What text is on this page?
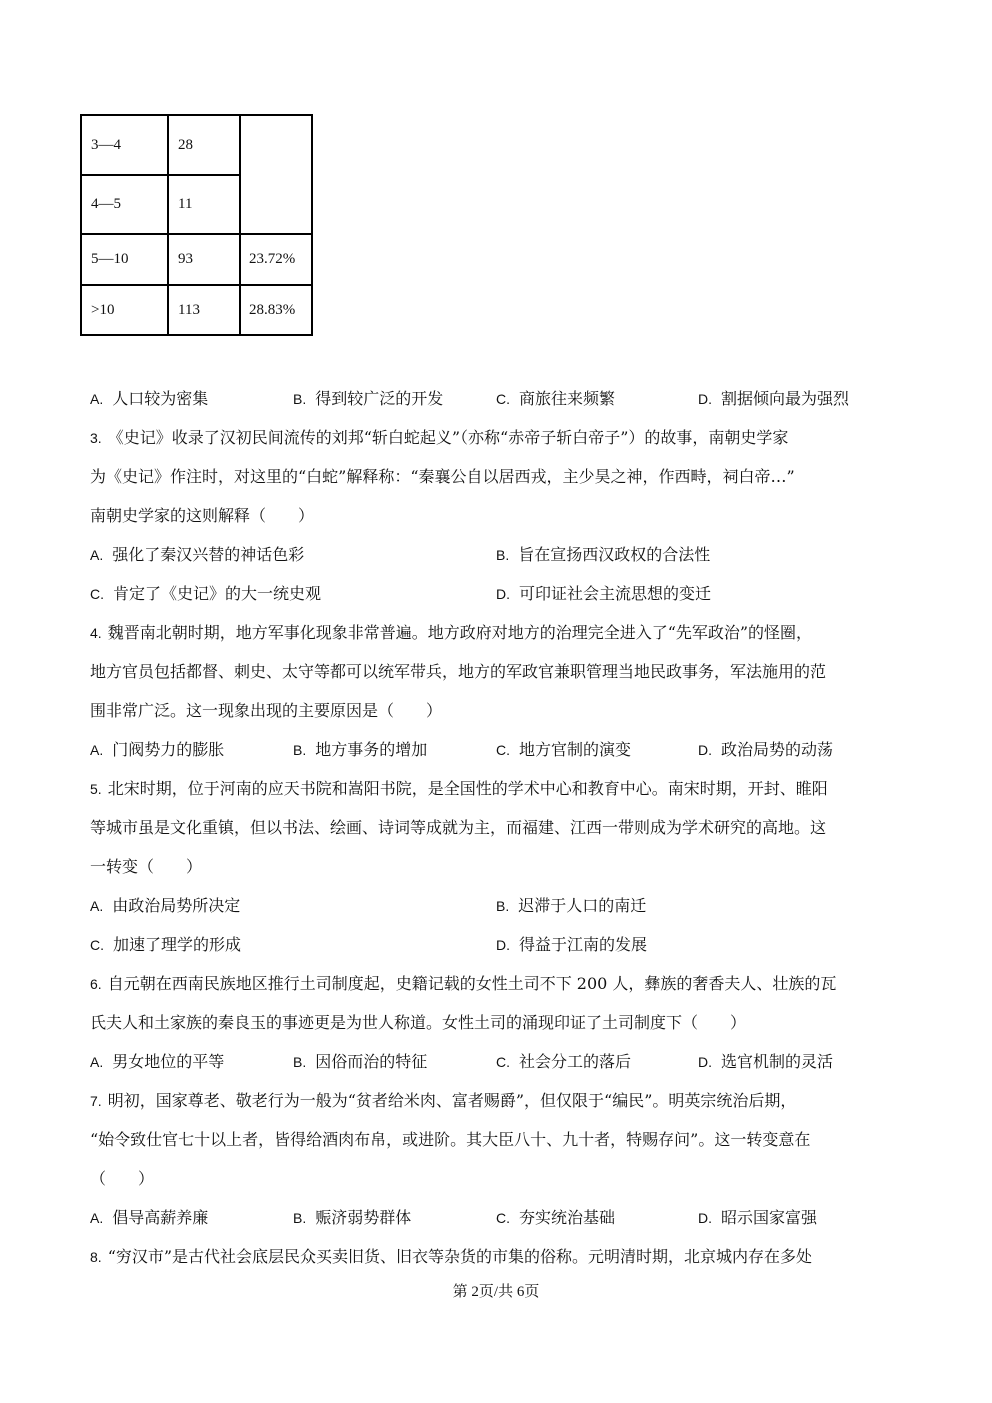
3—4	28	
4—5	11	
5—10	93	23.72%
>10	113	28.83%
A. 人口较为密集	B. 得到较广泛的开发	C. 商旅往来频繁	D. 割据倾向最为强烈
3. 《史记》收录了汉初民间流传的刘邦“斩白蛇起义”（亦称“赤帝子斩白帝子”）的故事，南朝史学家
为《史记》作注时，对这里的“白蛇”解释称：“秦襄公自以居西戎，主少昊之神，作西畤，祠白帝…”
南朝史学家的这则解释（　　）
A. 强化了秦汉兴替的神话色彩	B. 旨在宣扬西汉政权的合法性
C. 肯定了《史记》的大一统史观	D. 可印证社会主流思想的变迁
4. 魏晋南北朝时期，地方军事化现象非常普遍。地方政府对地方的治理完全进入了“先军政治”的怪圈，
地方官员包括都督、刺史、太守等都可以统军带兵，地方的军政官兼职管理当地民政事务，军法施用的范
围非常广泛。这一现象出现的主要原因是（　　）
A. 门阀势力的膨胀	B. 地方事务的增加	C. 地方官制的演变	D. 政治局势的动荡
5. 北宋时期，位于河南的应天书院和嵩阳书院，是全国性的学术中心和教育中心。南宋时期，开封、睢阳
等城市虽是文化重镇，但以书法、绘画、诗词等成就为主，而福建、江西一带则成为学术研究的高地。这
一转变（　　）
A. 由政治局势所决定	B. 迟滞于人口的南迁
C. 加速了理学的形成	D. 得益于江南的发展
6. 自元朝在西南民族地区推行土司制度起，史籍记载的女性土司不下 200 人，彝族的奢香夫人、壮族的瓦
氏夫人和土家族的秦良玉的事迹更是为世人称道。女性土司的涌现印证了土司制度下（　　）
A. 男女地位的平等	B. 因俗而治的特征	C. 社会分工的落后	D. 选官机制的灵活
7. 明初，国家尊老、敬老行为一般为“贫者给米肉、富者赐爵”，但仅限于“编民”。明英宗统治后期，
“始令致仕官七十以上者，皆得给酒肉布帛，或进阶。其大臣八十、九十者，特赐存问”。这一转变意在
（　　）
A. 倡导高薪养廉	B. 赈济弱势群体	C. 夯实统治基础	D. 昭示国家富强
8. “穷汉市”是古代社会底层民众买卖旧货、旧衣等杂货的市集的俗称。元明清时期，北京城内存在多处
第 2页/共 6页
